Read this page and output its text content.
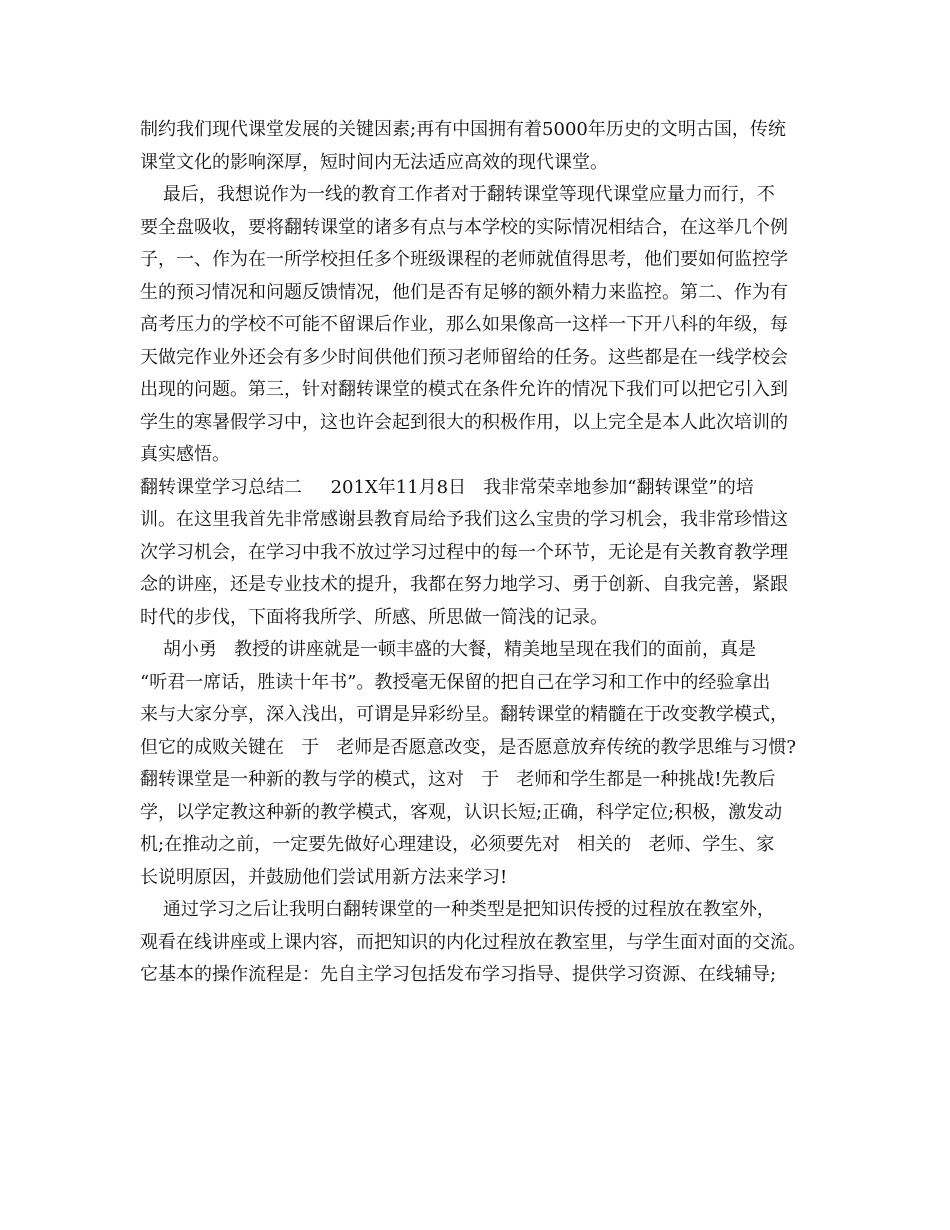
制约我们现代课堂发展的关键因素;再有中国拥有着5000年历史的文明古国，传统
课堂文化的影响深厚，短时间内无法适应高效的现代课堂。
最后，我想说作为一线的教育工作者对于翻转课堂等现代课堂应量力而行，不
要全盘吸收，要将翻转课堂的诸多有点与本学校的实际情况相结合，在这举几个例
子，一、作为在一所学校担任多个班级课程的老师就值得思考，他们要如何监控学
生的预习情况和问题反馈情况，他们是否有足够的额外精力来监控。第二、作为有
高考压力的学校不可能不留课后作业，那么如果像高一这样一下开八科的年级，每
天做完作业外还会有多少时间供他们预习老师留给的任务。这些都是在一线学校会
出现的问题。第三，针对翻转课堂的模式在条件允许的情况下我们可以把它引入到
学生的寒暑假学习中，这也许会起到很大的积极作用，以上完全是本人此次培训的
真实感悟。
翻转课堂学习总结二     201X年11月8日   我非常荣幸地参加“翻转课堂”的培
训。在这里我首先非常感谢县教育局给予我们这么宝贵的学习机会，我非常珍惜这
次学习机会，在学习中我不放过学习过程中的每一个环节，无论是有关教育教学理
念的讲座，还是专业技术的提升，我都在努力地学习、勇于创新、自我完善，紧跟
时代的步伐，下面将我所学、所感、所思做一简浅的记录。
胡小勇   教授的讲座就是一顿丰盛的大餐，精美地呈现在我们的面前，真是
“听君一席话，胜读十年书”。教授毫无保留的把自己在学习和工作中的经验拿出
来与大家分享，深入浅出，可谓是异彩纷呈。翻转课堂的精髓在于改变教学模式，
但它的成败关键在   于   老师是否愿意改变，是否愿意放弃传统的教学思维与习惯?
翻转课堂是一种新的教与学的模式，这对   于   老师和学生都是一种挑战!先教后
学，以学定教这种新的教学模式，客观，认识长短;正确，科学定位;积极，激发动
机;在推动之前，一定要先做好心理建设，必须要先对   相关的   老师、学生、家
长说明原因，并鼓励他们尝试用新方法来学习!
通过学习之后让我明白翻转课堂的一种类型是把知识传授的过程放在教室外，
观看在线讲座或上课内容，而把知识的内化过程放在教室里，与学生面对面的交流。
它基本的操作流程是：先自主学习包括发布学习指导、提供学习资源、在线辅导;
